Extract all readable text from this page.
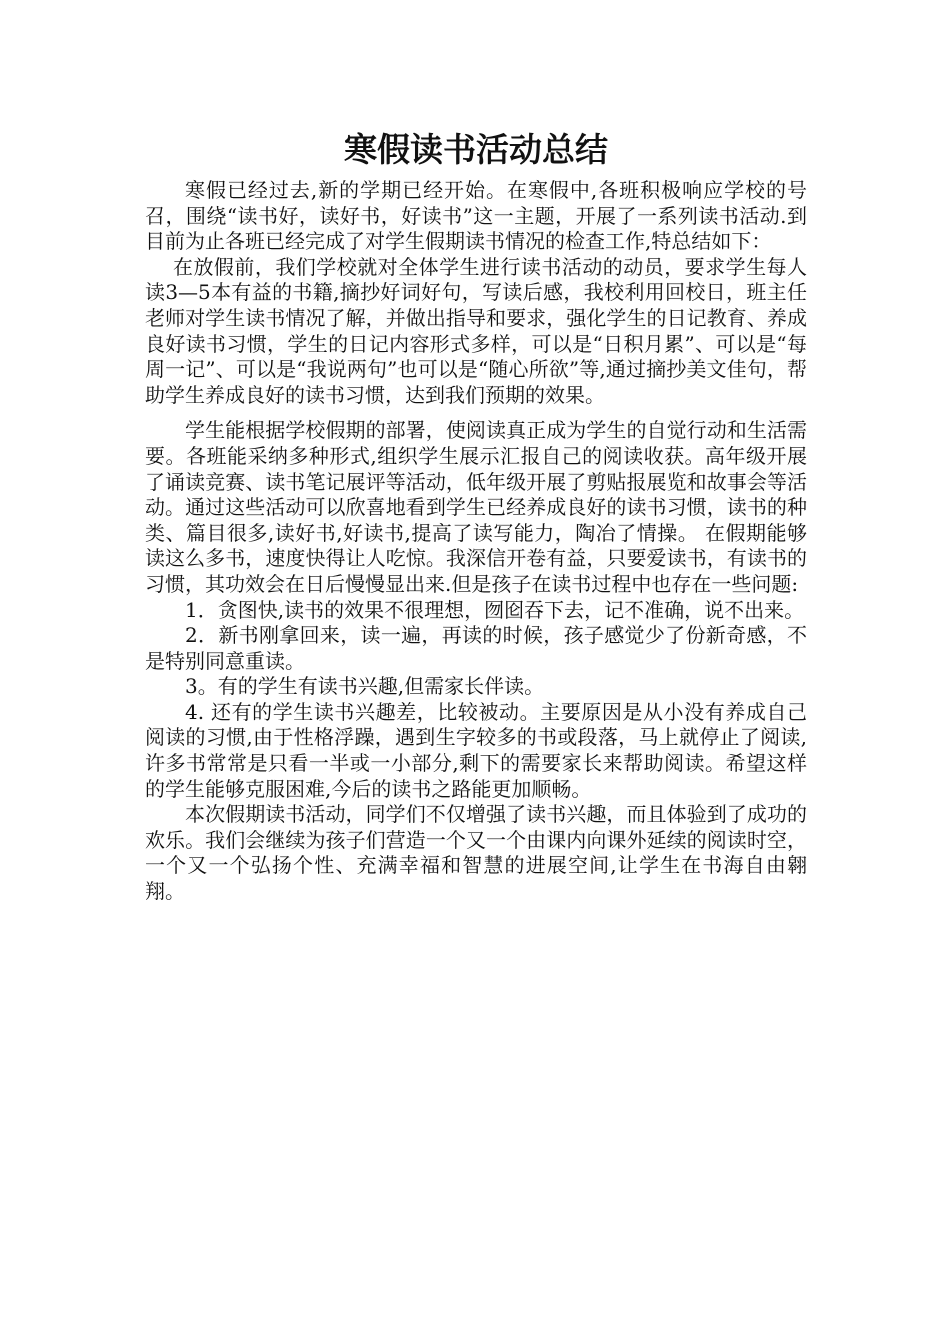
寒假读书活动总结

寒假已经过去,新的学期已经开始。在寒假中,各班积极响应学校的号召，围绕“读书好，读好书，好读书”这一主题，开展了一系列读书活动.到目前为止各班已经完成了对学生假期读书情况的检查工作,特总结如下：

在放假前，我们学校就对全体学生进行读书活动的动员，要求学生每人读3—5本有益的书籍,摘抄好词好句，写读后感，我校利用回校日，班主任老师对学生读书情况了解，并做出指导和要求，强化学生的日记教育、养成良好读书习惯，学生的日记内容形式多样，可以是“日积月累”、可以是“每周一记”、可以是“我说两句”也可以是“随心所欲”等,通过摘抄美文佳句，帮助学生养成良好的读书习惯，达到我们预期的效果。

学生能根据学校假期的部署，使阅读真正成为学生的自觉行动和生活需要。各班能采纳多种形式,组织学生展示汇报自己的阅读收获。高年级开展了诵读竞赛、读书笔记展评等活动，低年级开展了剪贴报展览和故事会等活动。通过这些活动可以欣喜地看到学生已经养成良好的读书习惯，读书的种类、篇目很多,读好书,好读书,提高了读写能力，陶冶了情操。 在假期能够读这么多书，速度快得让人吃惊。我深信开卷有益，只要爱读书，有读书的习惯，其功效会在日后慢慢显出来.但是孩子在读书过程中也存在一些问题:

1．贪图快,读书的效果不很理想，囫囵吞下去，记不准确，说不出来。

2．新书刚拿回来，读一遍，再读的时候，孩子感觉少了份新奇感，不是特别同意重读。

3。有的学生有读书兴趣,但需家长伴读。

4. 还有的学生读书兴趣差，比较被动。主要原因是从小没有养成自己阅读的习惯,由于性格浮躁，遇到生字较多的书或段落，马上就停止了阅读,许多书常常是只看一半或一小部分,剩下的需要家长来帮助阅读。希望这样的学生能够克服困难,今后的读书之路能更加顺畅。

本次假期读书活动，同学们不仅增强了读书兴趣，而且体验到了成功的欢乐。我们会继续为孩子们营造一个又一个由课内向课外延续的阅读时空，一个又一个弘扬个性、充满幸福和智慧的进展空间,让学生在书海自由翱翔。
